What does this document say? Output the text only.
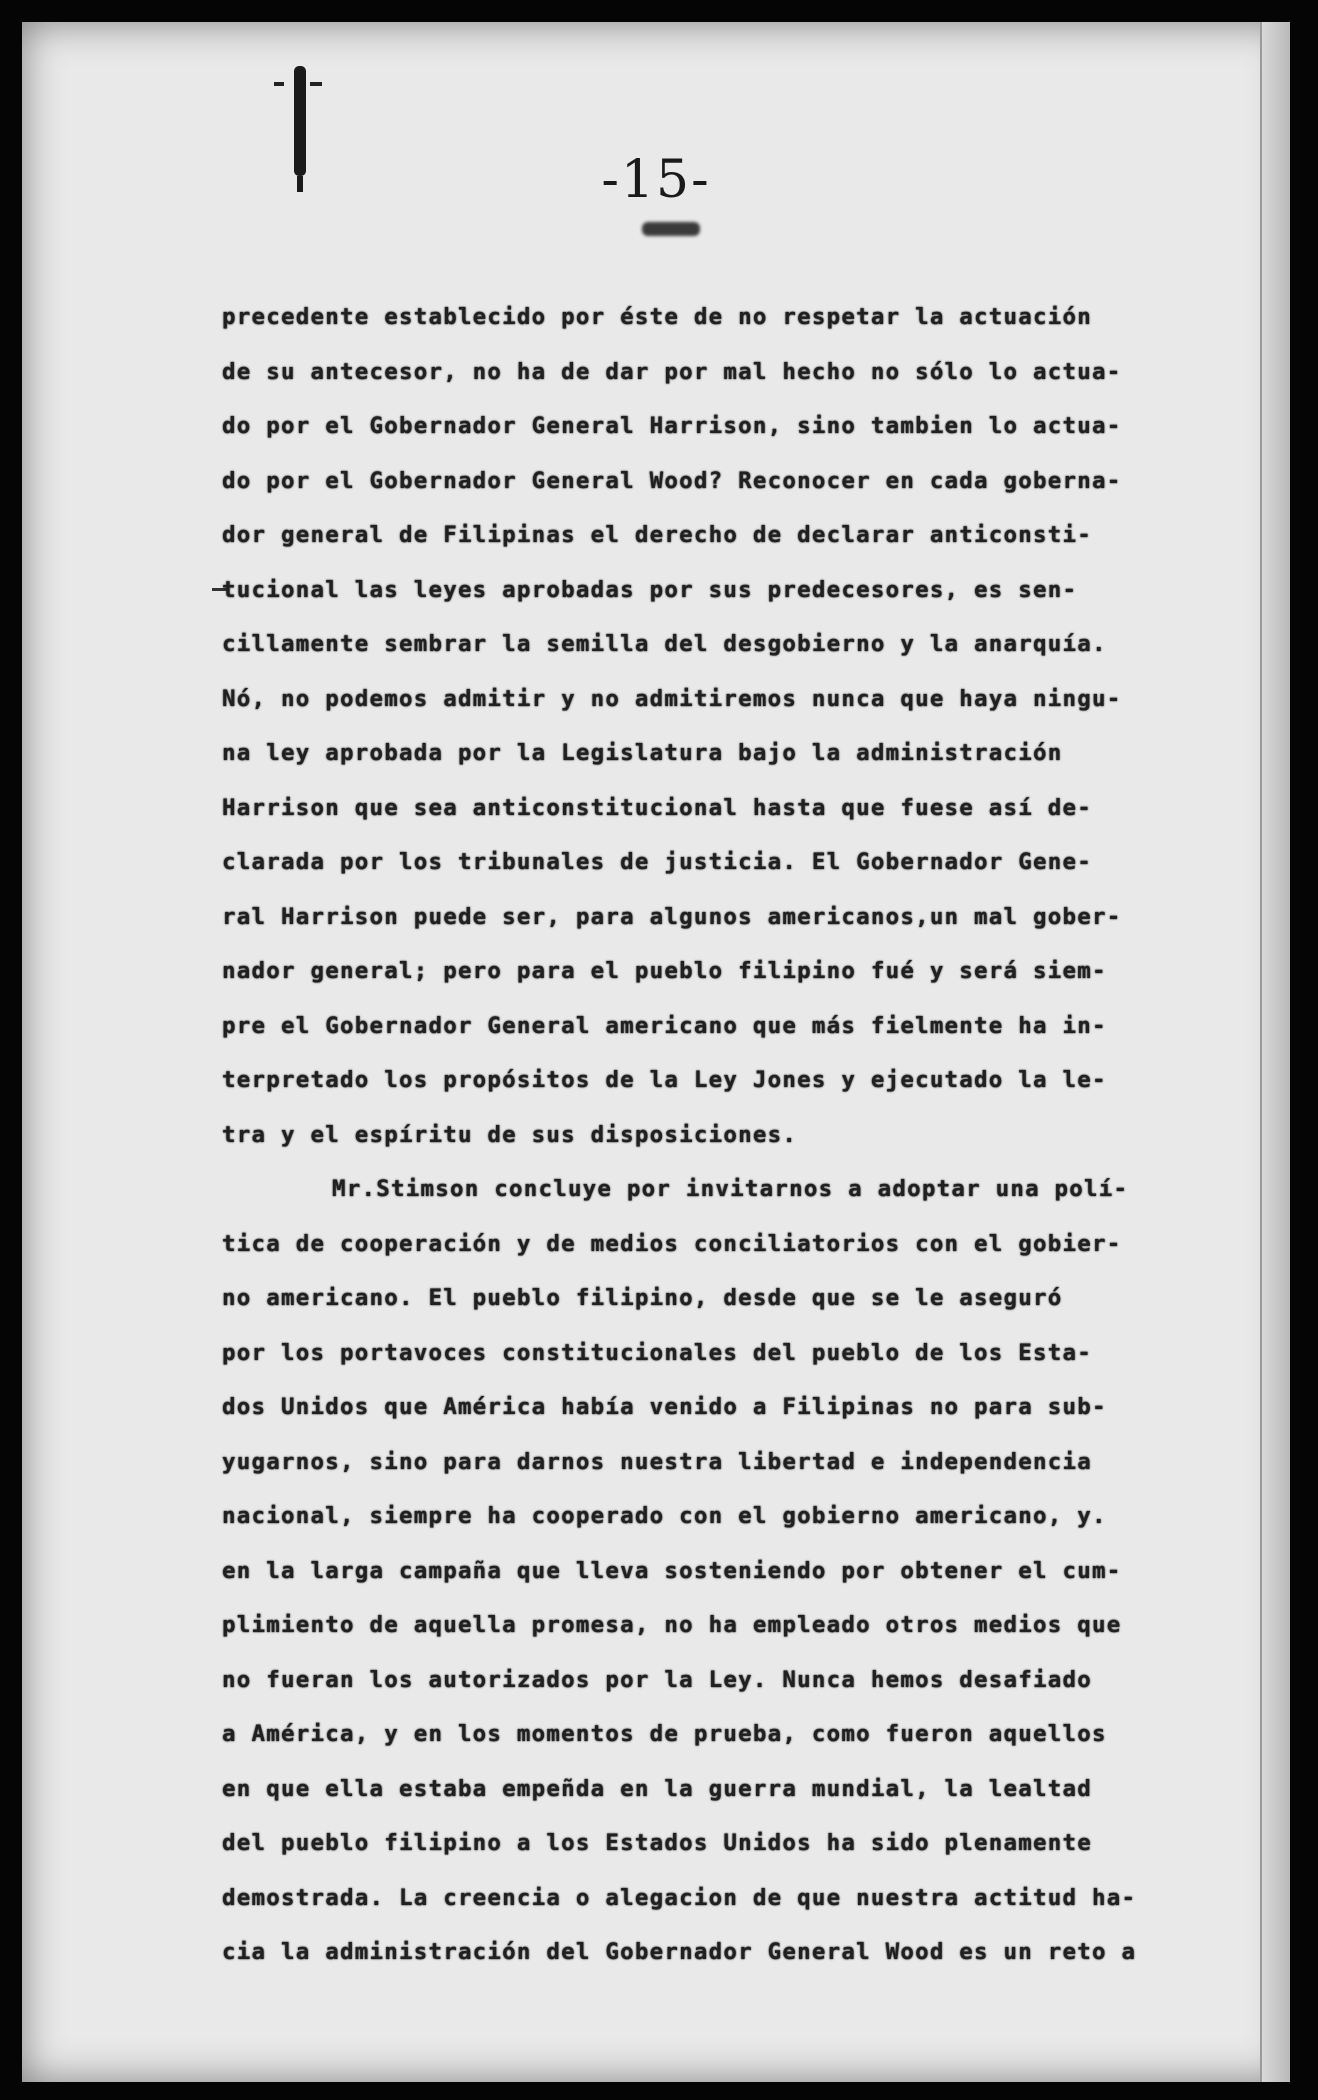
-15-
precedente establecido por éste de no respetar la actuación
de su antecesor, no ha de dar por mal hecho no sólo lo actua-
do por el Gobernador General Harrison, sino tambien lo actua-
do por el Gobernador General Wood? Reconocer en cada goberna-
dor general de Filipinas el derecho de declarar anticonsti-
tucional las leyes aprobadas por sus predecesores, es sen-
cillamente sembrar la semilla del desgobierno y la anarquía.
Nó, no podemos admitir y no admitiremos nunca que haya ningu-
na ley aprobada por la Legislatura bajo la administración
Harrison que sea anticonstitucional hasta que fuese así de-
clarada por los tribunales de justicia. El Gobernador Gene-
ral Harrison puede ser, para algunos americanos,un mal gober-
nador general; pero para el pueblo filipino fué y será siem-
pre el Gobernador General americano que más fielmente ha in-
terpretado los propósitos de la Ley Jones y ejecutado la le-
tra y el espíritu de sus disposiciones.
Mr.Stimson concluye por invitarnos a adoptar una polí-
tica de cooperación y de medios conciliatorios con el gobier-
no americano. El pueblo filipino, desde que se le aseguró
por los portavoces constitucionales del pueblo de los Esta-
dos Unidos que América había venido a Filipinas no para sub-
yugarnos, sino para darnos nuestra libertad e independencia
nacional, siempre ha cooperado con el gobierno americano, y.
en la larga campaña que lleva sosteniendo por obtener el cum-
plimiento de aquella promesa, no ha empleado otros medios que
no fueran los autorizados por la Ley. Nunca hemos desafiado
a América, y en los momentos de prueba, como fueron aquellos
en que ella estaba empeñda en la guerra mundial, la lealtad
del pueblo filipino a los Estados Unidos ha sido plenamente
demostrada. La creencia o alegacion de que nuestra actitud ha-
cia la administración del Gobernador General Wood es un reto a
